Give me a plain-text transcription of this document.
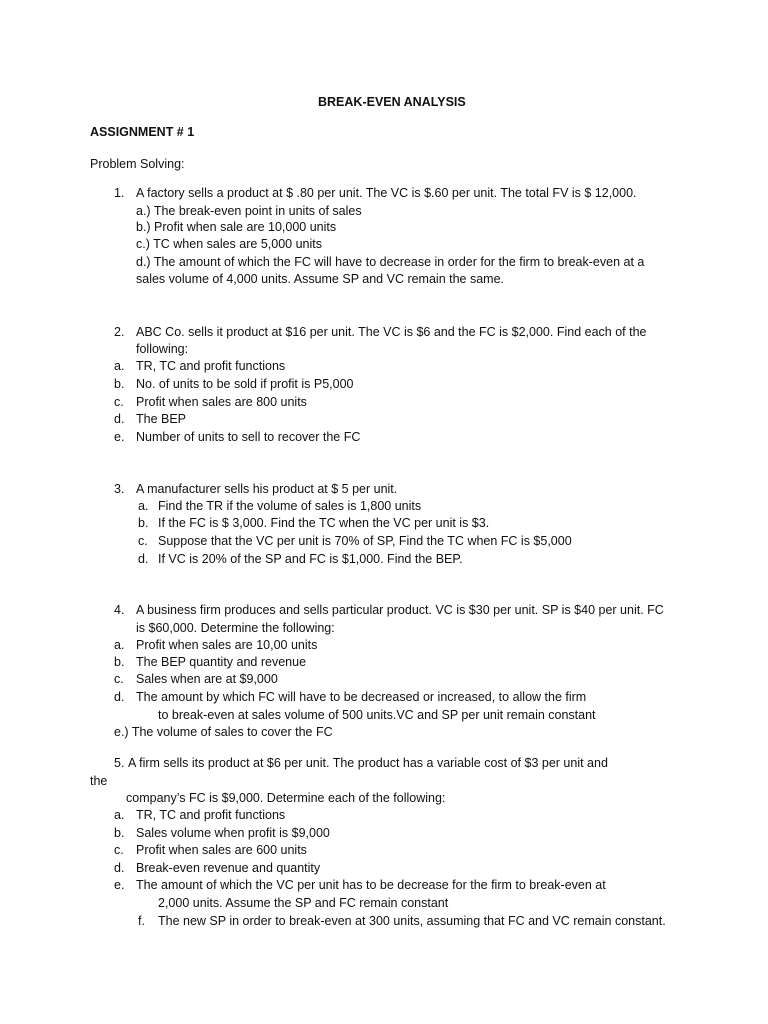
BREAK-EVEN ANALYSIS
ASSIGNMENT # 1
Problem Solving:
1. A factory sells a product at $ .80 per unit. The VC is $.60 per unit. The total FV is $ 12,000.
a.) The break-even point in units of sales
b.) Profit when sale are 10,000 units
c.) TC when sales are 5,000 units
d.) The amount of which the FC will have to decrease in order for the firm to break-even at a
sales volume of 4,000 units. Assume SP and VC remain the same.
2. ABC Co. sells it product at $16 per unit. The VC is $6 and the FC is $2,000. Find each of the
following:
a. TR, TC and profit functions
b. No. of units to be sold if profit is P5,000
c. Profit when sales are 800 units
d. The BEP
e. Number of units to sell to recover the FC
3. A manufacturer sells his product at $ 5 per unit.
a. Find the TR if the volume of sales is 1,800 units
b. If the FC is $ 3,000. Find the TC when the VC per unit is $3.
c. Suppose that the VC per unit is 70% of SP, Find the TC when FC is $5,000
d. If VC is 20% of the SP and FC is $1,000. Find the BEP.
4. A business firm produces and sells particular product. VC is $30 per unit. SP is $40 per unit. FC
is $60,000. Determine the following:
a. Profit when sales are 10,00 units
b. The BEP quantity and revenue
c. Sales when are at $9,000
d. The amount by which FC will have to be decreased or increased, to allow the firm
to break-even at sales volume of 500 units.VC and SP per unit remain constant
e.) The volume of sales to cover the FC
5. A firm sells its product at $6 per unit. The product has a variable cost of $3 per unit and
the
company’s FC is $9,000. Determine each of the following:
a. TR, TC and profit functions
b. Sales volume when profit is $9,000
c. Profit when sales are 600 units
d. Break-even revenue and quantity
e. The amount of which the VC per unit has to be decrease for the firm to break-even at
2,000 units. Assume the SP and FC remain constant
f. The new SP in order to break-even at 300 units, assuming that FC and VC remain constant.
